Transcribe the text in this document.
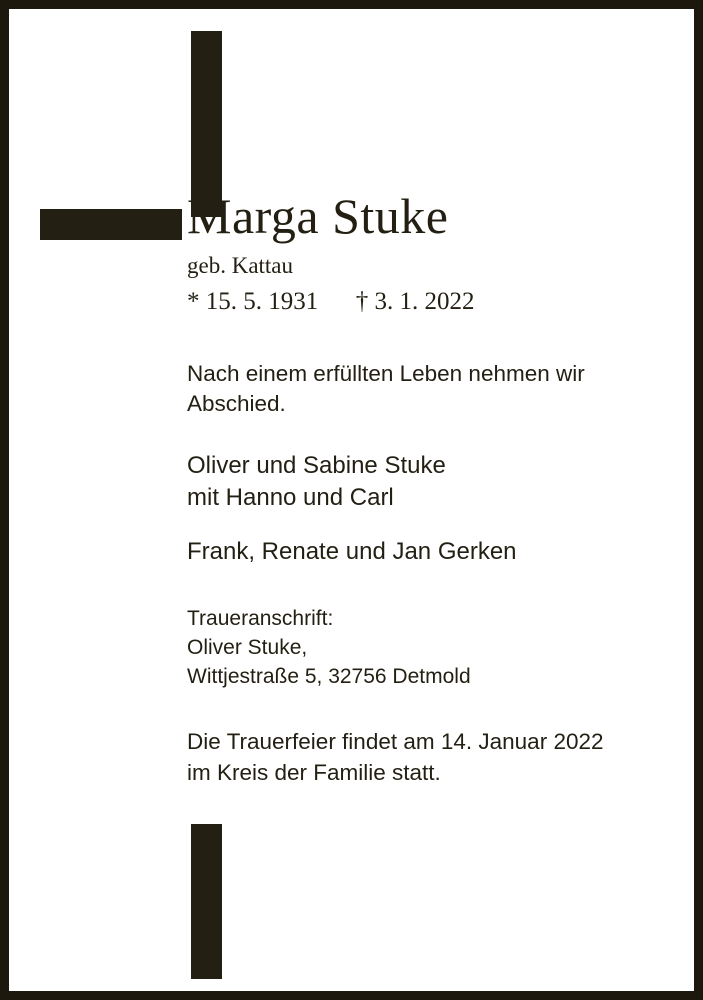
Marga Stuke
geb. Kattau
* 15. 5. 1931      † 3. 1. 2022
Nach einem erfüllten Leben nehmen wir
Abschied.
Oliver und Sabine Stuke
mit Hanno und Carl
Frank, Renate und Jan Gerken
Traueranschrift:
Oliver Stuke,
Wittjestraße 5, 32756 Detmold
Die Trauerfeier findet am 14. Januar 2022
im Kreis der Familie statt.
